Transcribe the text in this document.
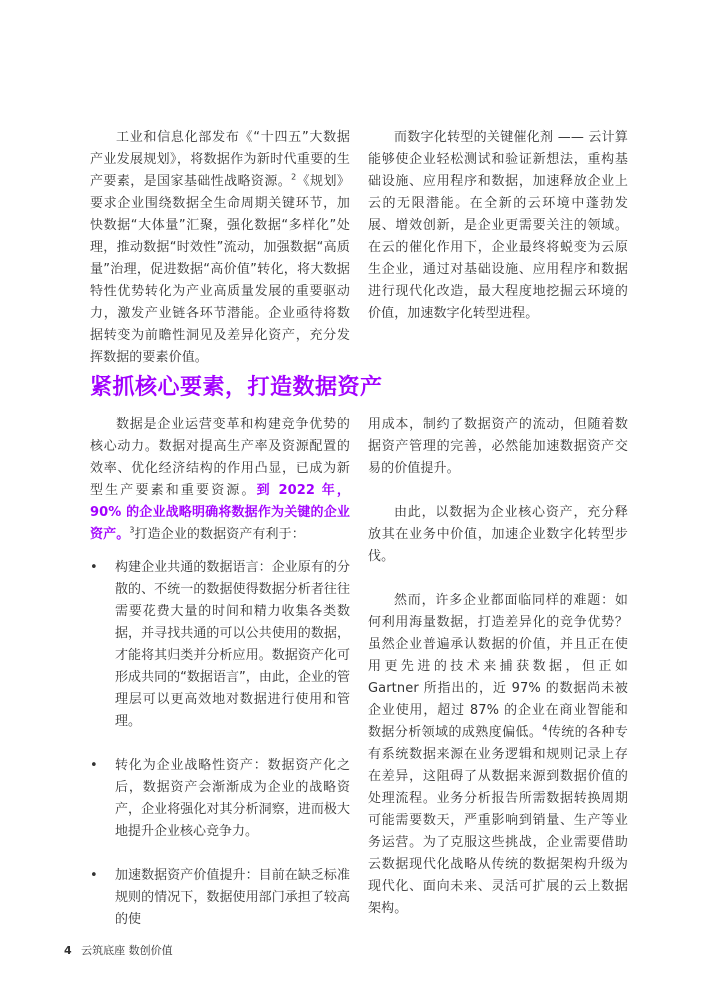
工业和信息化部发布《“十四五”大数据产业发展规划》，将数据作为新时代重要的生产要素，是国家基础性战略资源。$^2$《规划》要求企业围绕数据全生命周期关键环节，加快数据“大体量”汇聚，强化数据“多样化”处理，推动数据“时效性”流动，加强数据“高质量”治理，促进数据“高价值”转化，将大数据特性优势转化为产业高质量发展的重要驱动力，激发产业链各环节潜能。企业亟待将数据转变为前瞻性洞见及差异化资产，充分发挥数据的要素价值。

而数字化转型的关键催化剂 —— 云计算能够使企业轻松测试和验证新想法，重构基础设施、应用程序和数据，加速释放企业上云的无限潜能。在全新的云环境中蓬勃发展、增效创新，是企业更需要关注的领域。在云的催化作用下，企业最终将蜕变为云原生企业，通过对基础设施、应用程序和数据进行现代化改造，最大程度地挖掘云环境的价值，加速数字化转型进程。

紧抓核心要素，打造数据资产

数据是企业运营变革和构建竞争优势的核心动力。数据对提高生产率及资源配置的效率、优化经济结构的作用凸显，已成为新型生产要素和重要资源。到 2022 年，90% 的企业战略明确将数据作为关键的企业资产。$^3$打造企业的数据资产有利于：

• 构建企业共通的数据语言：企业原有的分散的、不统一的数据使得数据分析者往往需要花费大量的时间和精力收集各类数据，并寻找共通的可以公共使用的数据，才能将其归类并分析应用。数据资产化可形成共同的“数据语言”，由此，企业的管理层可以更高效地对数据进行使用和管理。
• 转化为企业战略性资产：数据资产化之后，数据资产会渐渐成为企业的战略资产，企业将强化对其分析洞察，进而极大地提升企业核心竞争力。
• 加速数据资产价值提升：目前在缺乏标准规则的情况下，数据使用部门承担了较高的使

用成本，制约了数据资产的流动，但随着数据资产管理的完善，必然能加速数据资产交易的价值提升。

由此，以数据为企业核心资产，充分释放其在业务中价值，加速企业数字化转型步伐。

然而，许多企业都面临同样的难题：如何利用海量数据，打造差异化的竞争优势？虽然企业普遍承认数据的价值，并且正在使用更先进的技术来捕获数据，但正如 Gartner 所指出的，近 97% 的数据尚未被企业使用，超过 87% 的企业在商业智能和数据分析领域的成熟度偏低。$^4$传统的各种专有系统数据来源在业务逻辑和规则记录上存在差异，这阻碍了从数据来源到数据价值的处理流程。业务分析报告所需数据转换周期可能需要数天，严重影响到销量、生产等业务运营。为了克服这些挑战，企业需要借助云数据现代化战略从传统的数据架构升级为现代化、面向未来、灵活可扩展的云上数据架构。

4 云筑底座 数创价值
